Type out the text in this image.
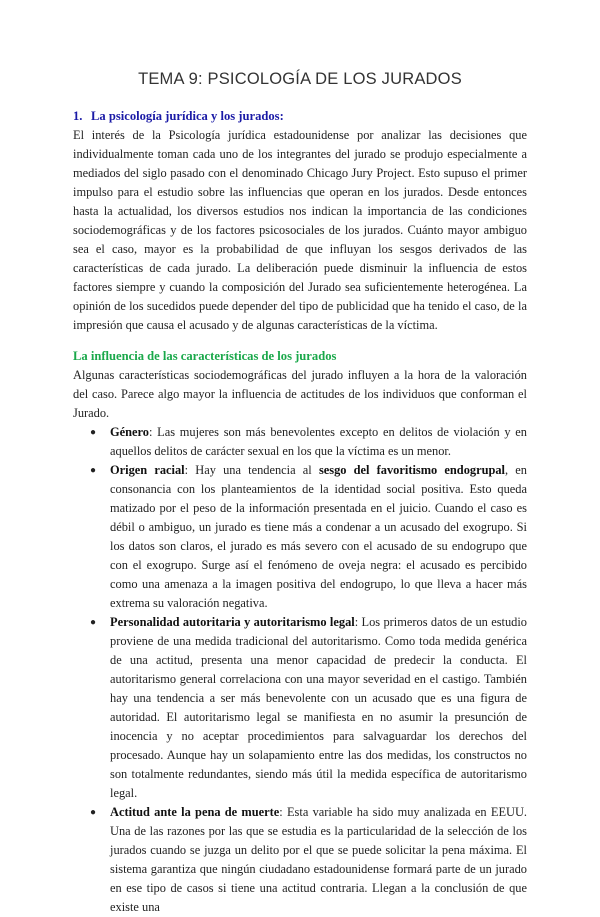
TEMA 9: PSICOLOGÍA DE LOS JURADOS
1. La psicología jurídica y los jurados:

El interés de la Psicología jurídica estadounidense por analizar las decisiones que individualmente toman cada uno de los integrantes del jurado se produjo especialmente a mediados del siglo pasado con el denominado Chicago Jury Project. Esto supuso el primer impulso para el estudio sobre las influencias que operan en los jurados. Desde entonces hasta la actualidad, los diversos estudios nos indican la importancia de las condiciones sociodemográficas y de los factores psicosociales de los jurados. Cuánto mayor ambiguo sea el caso, mayor es la probabilidad de que influyan los sesgos derivados de las características de cada jurado. La deliberación puede disminuir la influencia de estos factores siempre y cuando la composición del Jurado sea suficientemente heterogénea. La opinión de los sucedidos puede depender del tipo de publicidad que ha tenido el caso, de la impresión que causa el acusado y de algunas características de la víctima.

La influencia de las características de los jurados

Algunas características sociodemográficas del jurado influyen a la hora de la valoración del caso. Parece algo mayor la influencia de actitudes de los individuos que conforman el Jurado.

● Género: Las mujeres son más benevolentes excepto en delitos de violación y en aquellos delitos de carácter sexual en los que la víctima es un menor.
● Origen racial: Hay una tendencia al sesgo del favoritismo endogrupal, en consonancia con los planteamientos de la identidad social positiva. Esto queda matizado por el peso de la información presentada en el juicio. Cuando el caso es débil o ambiguo, un jurado es tiene más a condenar a un acusado del exogrupo. Si los datos son claros, el jurado es más severo con el acusado de su endogrupo que con el exogrupo. Surge así el fenómeno de oveja negra: el acusado es percibido como una amenaza a la imagen positiva del endogrupo, lo que lleva a hacer más extrema su valoración negativa.
● Personalidad autoritaria y autoritarismo legal: Los primeros datos de un estudio proviene de una medida tradicional del autoritarismo. Como toda medida genérica de una actitud, presenta una menor capacidad de predecir la conducta. El autoritarismo general correlaciona con una mayor severidad en el castigo. También hay una tendencia a ser más benevolente con un acusado que es una figura de autoridad. El autoritarismo legal se manifiesta en no asumir la presunción de inocencia y no aceptar procedimientos para salvaguardar los derechos del procesado. Aunque hay un solapamiento entre las dos medidas, los constructos no son totalmente redundantes, siendo más útil la medida específica de autoritarismo legal.
● Actitud ante la pena de muerte: Esta variable ha sido muy analizada en EEUU. Una de las razones por las que se estudia es la particularidad de la selección de los jurados cuando se juzga un delito por el que se puede solicitar la pena máxima. El sistema garantiza que ningún ciudadano estadounidense formará parte de un jurado en ese tipo de casos si tiene una actitud contraria. Llegan a la conclusión de que existe una
